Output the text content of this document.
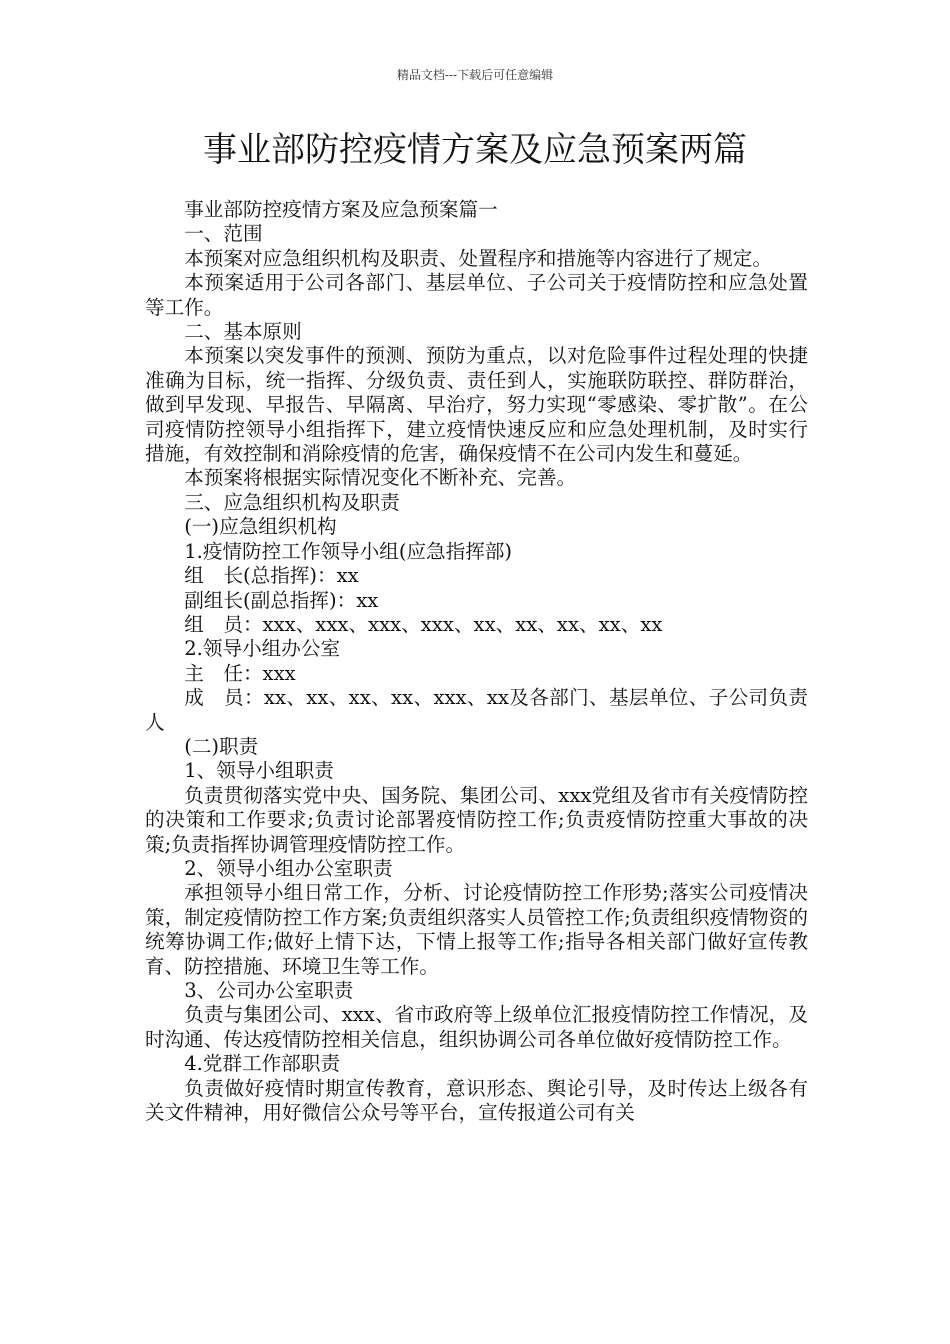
精品文档---下载后可任意编辑
事业部防控疫情方案及应急预案两篇

事业部防控疫情方案及应急预案篇一

一、范围

本预案对应急组织机构及职责、处置程序和措施等内容进行了规定。

本预案适用于公司各部门、基层单位、子公司关于疫情防控和应急处置等工作。

二、基本原则

本预案以突发事件的预测、预防为重点，以对危险事件过程处理的快捷准确为目标，统一指挥、分级负责、责任到人，实施联防联控、群防群治，做到早发现、早报告、早隔离、早治疗，努力实现“零感染、零扩散”。在公司疫情防控领导小组指挥下，建立疫情快速反应和应急处理机制，及时实行措施，有效控制和消除疫情的危害，确保疫情不在公司内发生和蔓延。

本预案将根据实际情况变化不断补充、完善。

三、应急组织机构及职责

(一)应急组织机构

1.疫情防控工作领导小组(应急指挥部)

组　长(总指挥)：xx

副组长(副总指挥)：xx

组　员：xxx、xxx、xxx、xxx、xx、xx、xx、xx、xx

2.领导小组办公室

主　任：xxx

成　员：xx、xx、xx、xx、xxx、xx及各部门、基层单位、子公司负责人

(二)职责

1、领导小组职责

负责贯彻落实党中央、国务院、集团公司、xxx党组及省市有关疫情防控的决策和工作要求;负责讨论部署疫情防控工作;负责疫情防控重大事故的决策;负责指挥协调管理疫情防控工作。

2、领导小组办公室职责

承担领导小组日常工作，分析、讨论疫情防控工作形势;落实公司疫情决策，制定疫情防控工作方案;负责组织落实人员管控工作;负责组织疫情物资的统筹协调工作;做好上情下达，下情上报等工作;指导各相关部门做好宣传教育、防控措施、环境卫生等工作。

3、公司办公室职责

负责与集团公司、xxx、省市政府等上级单位汇报疫情防控工作情况，及时沟通、传达疫情防控相关信息，组织协调公司各单位做好疫情防控工作。

4.党群工作部职责

负责做好疫情时期宣传教育，意识形态、舆论引导，及时传达上级各有关文件精神，用好微信公众号等平台，宣传报道公司有关
